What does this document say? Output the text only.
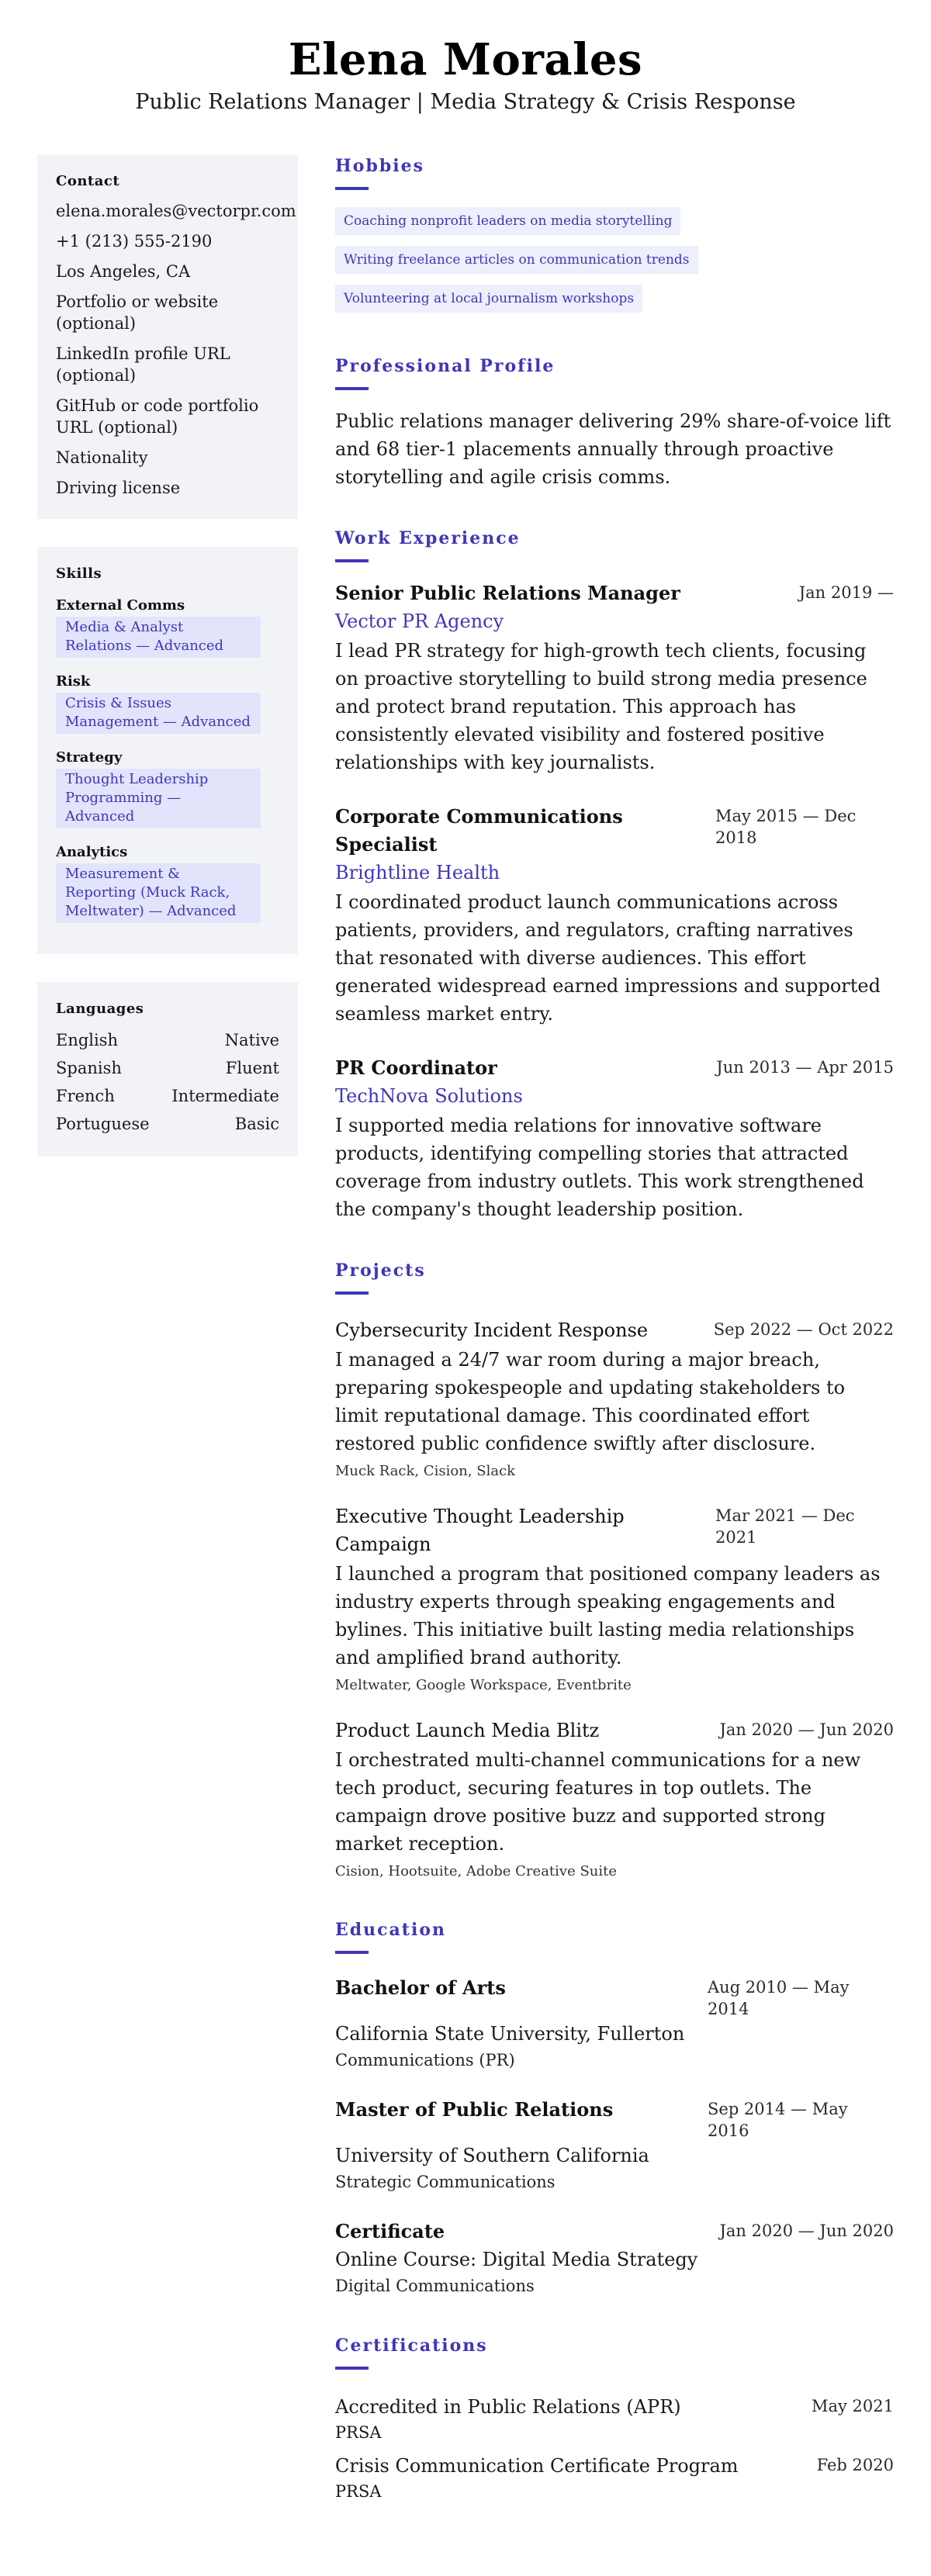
Elena Morales
Public Relations Manager | Media Strategy & Crisis Response
Contact
elena.morales@vectorpr.com
+1 (213) 555-2190
Los Angeles, CA
Portfolio or website (optional)
LinkedIn profile URL (optional)
GitHub or code portfolio URL (optional)
Nationality
Driving license
Skills
External Comms
Media & Analyst Relations — Advanced
Risk
Crisis & Issues Management — Advanced
Strategy
Thought Leadership Programming — Advanced
Analytics
Measurement & Reporting (Muck Rack, Meltwater) — Advanced
Languages
English	Native
Spanish	Fluent
French	Intermediate
Portuguese	Basic
Hobbies
Coaching nonprofit leaders on media storytelling
Writing freelance articles on communication trends
Volunteering at local journalism workshops
Professional Profile

Public relations manager delivering 29% share-of-voice lift and 68 tier-1 placements annually through proactive storytelling and agile crisis comms.

Work Experience
Senior Public Relations Manager	Jan 2019 —
Vector PR Agency

I lead PR strategy for high-growth tech clients, focusing on proactive storytelling to build strong media presence and protect brand reputation. This approach has consistently elevated visibility and fostered positive relationships with key journalists.

Corporate Communications Specialist
May 2015 — Dec 2018
Brightline Health

I coordinated product launch communications across patients, providers, and regulators, crafting narratives that resonated with diverse audiences. This effort generated widespread earned impressions and supported seamless market entry.

PR Coordinator	Jun 2013 — Apr 2015
TechNova Solutions

I supported media relations for innovative software products, identifying compelling stories that attracted coverage from industry outlets. This work strengthened the company's thought leadership position.

Projects
Cybersecurity Incident Response	Sep 2022 — Oct 2022

I managed a 24/7 war room during a major breach, preparing spokespeople and updating stakeholders to limit reputational damage. This coordinated effort restored public confidence swiftly after disclosure.

Muck Rack, Cision, Slack
Executive Thought Leadership Campaign
Mar 2021 — Dec 2021

I launched a program that positioned company leaders as industry experts through speaking engagements and bylines. This initiative built lasting media relationships and amplified brand authority.

Meltwater, Google Workspace, Eventbrite
Product Launch Media Blitz	Jan 2020 — Jun 2020

I orchestrated multi-channel communications for a new tech product, securing features in top outlets. The campaign drove positive buzz and supported strong market reception.

Cision, Hootsuite, Adobe Creative Suite
Education
Bachelor of Arts	Aug 2010 — May 2014
California State University, Fullerton
Communications (PR)
Master of Public Relations	Sep 2014 — May 2016
University of Southern California
Strategic Communications
Certificate	Jan 2020 — Jun 2020
Online Course: Digital Media Strategy
Digital Communications
Certifications
Accredited in Public Relations (APR)	May 2021
PRSA
Crisis Communication Certificate Program	Feb 2020
PRSA
